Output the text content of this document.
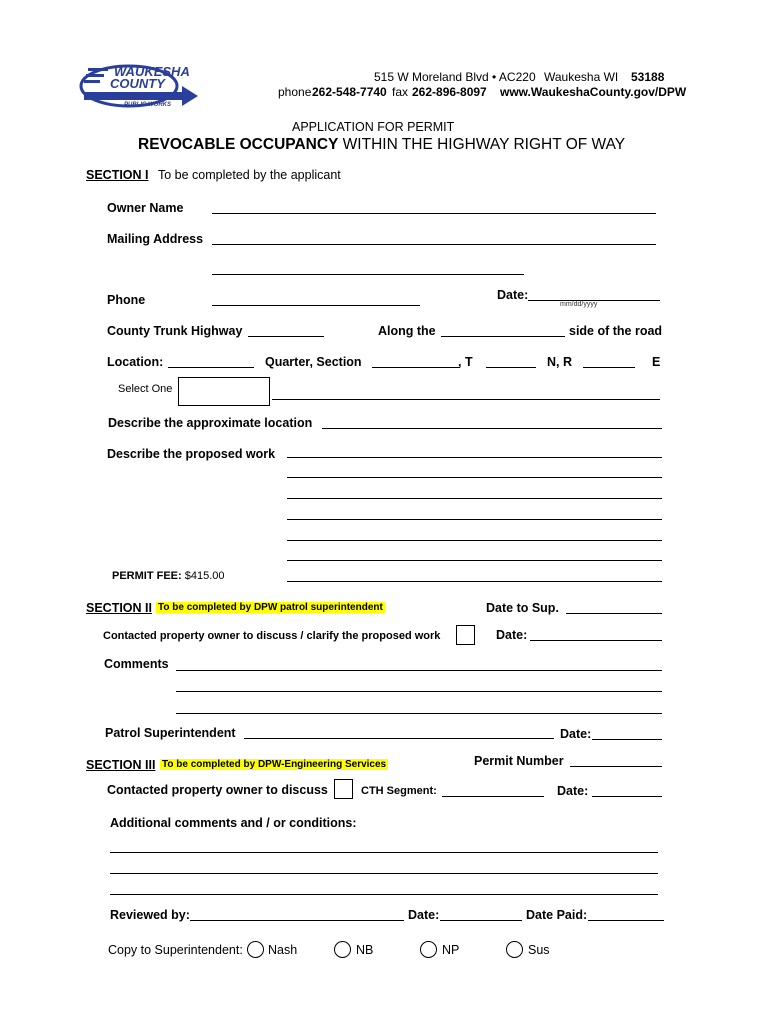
WAUKESHA
COUNTY
PUBLIC WORKS
515 W Moreland Blvd • AC220 Waukesha WI 53188
phone 262-548-7740 fax 262-896-8097 www.WaukeshaCounty.gov/DPW
APPLICATION FOR PERMIT
REVOCABLE OCCUPANCY WITHIN THE HIGHWAY RIGHT OF WAY
SECTION I To be completed by the applicant
Owner Name
Mailing Address
Phone	Date:
mm/dd/yyyy
County Trunk Highway	Along the	side of the road
Location:	Quarter, Section	, T	N, R	E
Select One
Describe the approximate location
Describe the proposed work
PERMIT FEE: $415.00
SECTION II To be completed by DPW patrol superintendent	Date to Sup.
Contacted property owner to discuss / clarify the proposed work	Date:
Comments
Patrol Superintendent	Date:
SECTION III To be completed by DPW-Engineering Services	Permit Number
Contacted property owner to discuss	CTH Segment:	Date:
Additional comments and / or conditions:
Reviewed by:	Date:	Date Paid:
Copy to Superintendent: Nash	NB	NP	Sus
